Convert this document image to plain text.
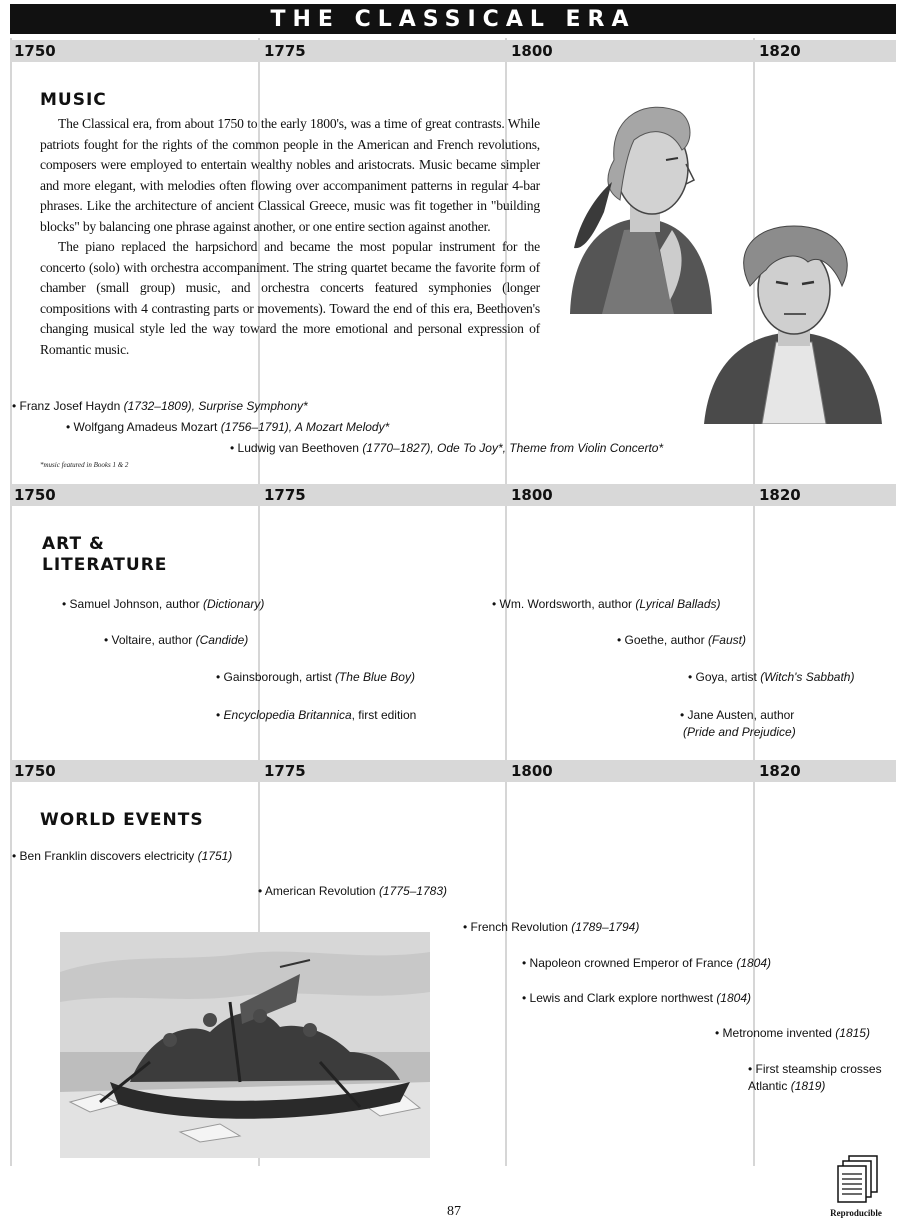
THE CLASSICAL ERA
1750	1775	1800	1820
MUSIC

The Classical era, from about 1750 to the early 1800's, was a time of great contrasts. While patriots fought for the rights of the common people in the American and French revolutions, composers were employed to entertain wealthy nobles and aristocrats. Music became simpler and more elegant, with melodies often flowing over accompaniment patterns in regular 4-bar phrases. Like the architecture of ancient Classical Greece, music was fit together in "building blocks" by balancing one phrase against another, or one entire section against another.

The piano replaced the harpsichord and became the most popular instrument for the concerto (solo) with orchestra accompaniment. The string quartet became the favorite form of chamber (small group) music, and orchestra concerts featured symphonies (longer compositions with 4 contrasting parts or movements). Toward the end of this era, Beethoven's changing musical style led the way toward the more emotional and personal expression of Romantic music.

• Franz Josef Haydn (1732–1809), Surprise Symphony*
• Wolfgang Amadeus Mozart (1756–1791), A Mozart Melody*
• Ludwig van Beethoven (1770–1827), Ode To Joy*, Theme from Violin Concerto*
*music featured in Books 1 & 2
1750	1775	1800	1820
ART &
LITERATURE
• Samuel Johnson, author (Dictionary)
• Voltaire, author (Candide)
• Gainsborough, artist (The Blue Boy)
• Encyclopedia Britannica, first edition
• Wm. Wordsworth, author (Lyrical Ballads)
• Goethe, author (Faust)
• Goya, artist (Witch's Sabbath)
• Jane Austen, author
(Pride and Prejudice)
1750	1775	1800	1820
WORLD EVENTS
• Ben Franklin discovers electricity (1751)
• American Revolution (1775–1783)
• French Revolution (1789–1794)
• Napoleon crowned Emperor of France (1804)
• Lewis and Clark explore northwest (1804)
• Metronome invented (1815)
• First steamship crosses
Atlantic (1819)
87	Reproducible
